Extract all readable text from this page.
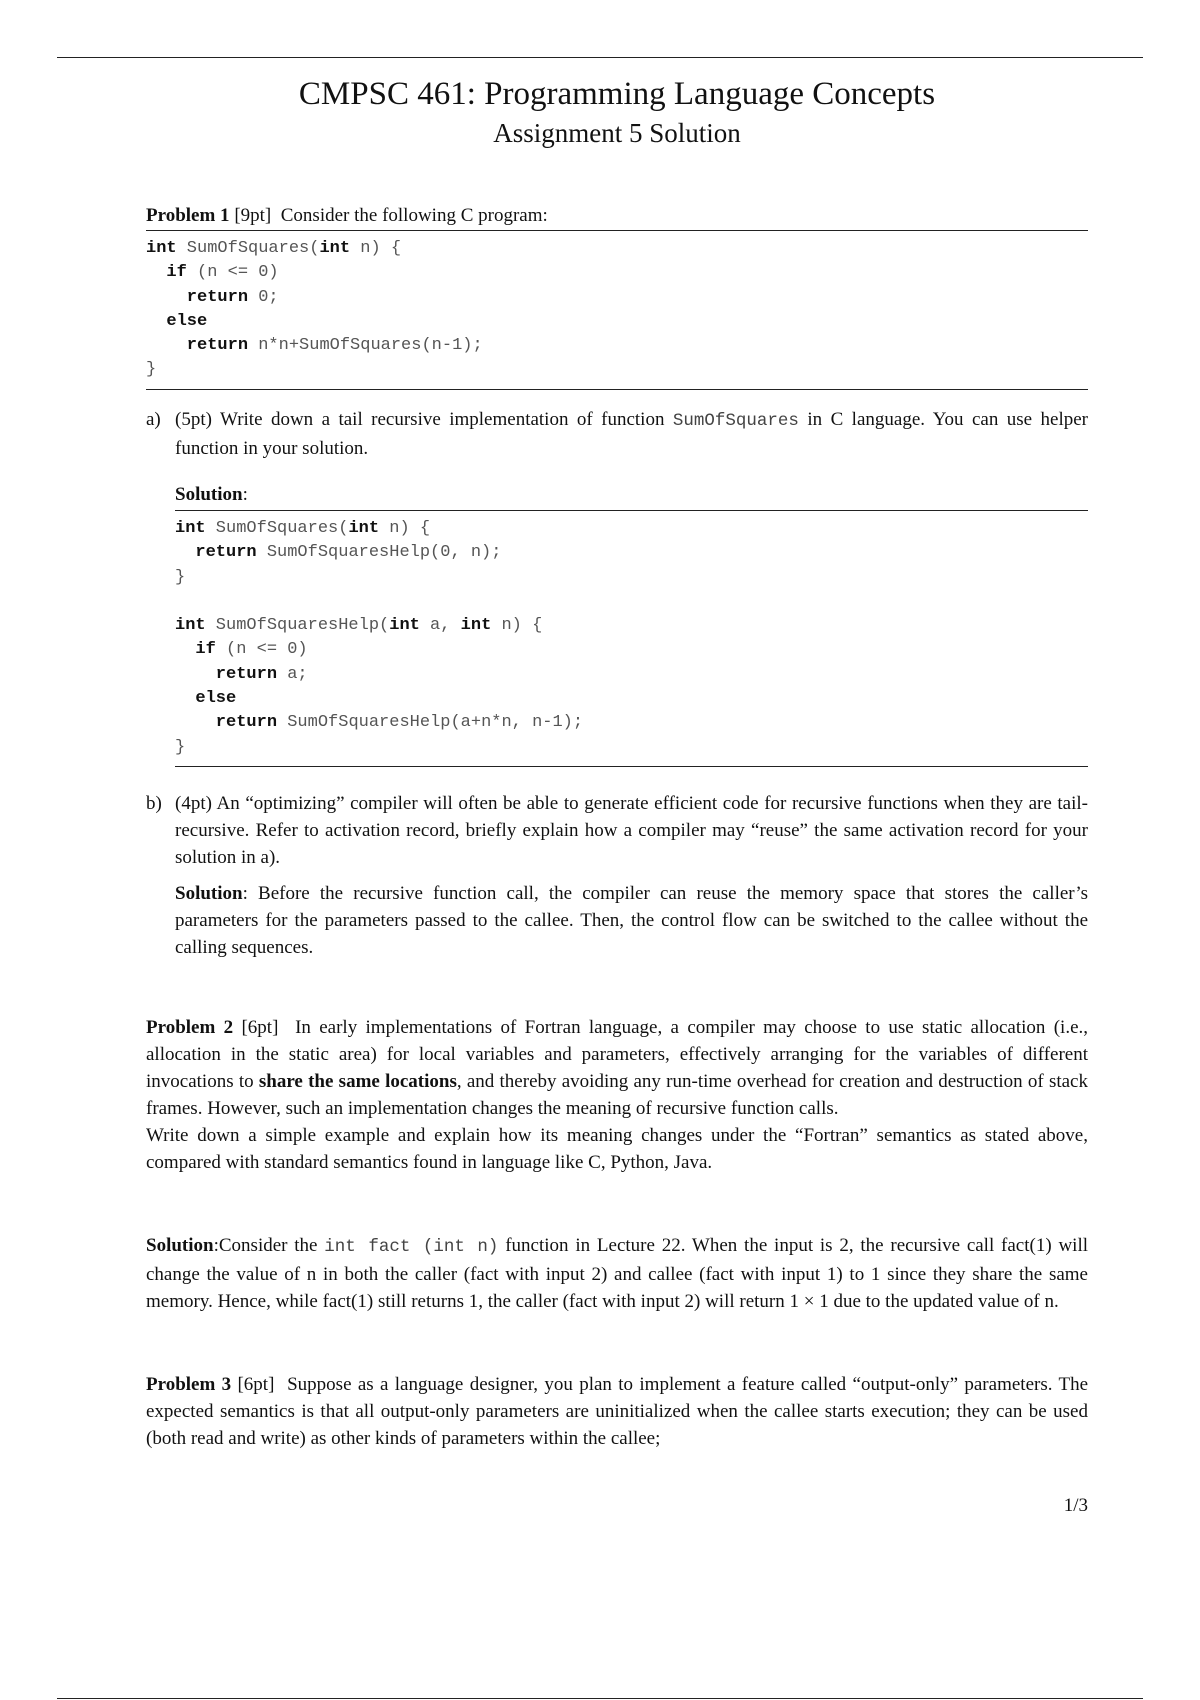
CMPSC 461: Programming Language Concepts
Assignment 5 Solution
Problem 1 [9pt] Consider the following C program:
int SumOfSquares(int n) {
if (n <= 0)
return 0;
else
return n*n+SumOfSquares(n-1);
}
a) (5pt) Write down a tail recursive implementation of function SumOfSquares in C language. You can use helper function in your solution.
Solution:
int SumOfSquares(int n) {
return SumOfSquaresHelp(0, n);
}

int SumOfSquaresHelp(int a, int n) {
if (n <= 0)
return a;
else
return SumOfSquaresHelp(a+n*n, n-1);
}
b) (4pt) An “optimizing” compiler will often be able to generate efficient code for recursive functions when they are tail-recursive. Refer to activation record, briefly explain how a compiler may “reuse” the same activation record for your solution in a).
Solution: Before the recursive function call, the compiler can reuse the memory space that stores the caller’s parameters for the parameters passed to the callee. Then, the control flow can be switched to the callee without the calling sequences.
Problem 2 [6pt] In early implementations of Fortran language, a compiler may choose to use static allocation (i.e., allocation in the static area) for local variables and parameters, effectively arranging for the variables of different invocations to share the same locations, and thereby avoiding any run-time overhead for creation and destruction of stack frames. However, such an implementation changes the meaning of recursive function calls.
Write down a simple example and explain how its meaning changes under the “Fortran” semantics as stated above, compared with standard semantics found in language like C, Python, Java.
Solution:Consider the int fact (int n) function in Lecture 22. When the input is 2, the recursive call fact(1) will change the value of n in both the caller (fact with input 2) and callee (fact with input 1) to 1 since they share the same memory. Hence, while fact(1) still returns 1, the caller (fact with input 2) will return 1 × 1 due to the updated value of n.
Problem 3 [6pt] Suppose as a language designer, you plan to implement a feature called “output-only” parameters. The expected semantics is that all output-only parameters are uninitialized when the callee starts execution; they can be used (both read and write) as other kinds of parameters within the callee;
1/3
